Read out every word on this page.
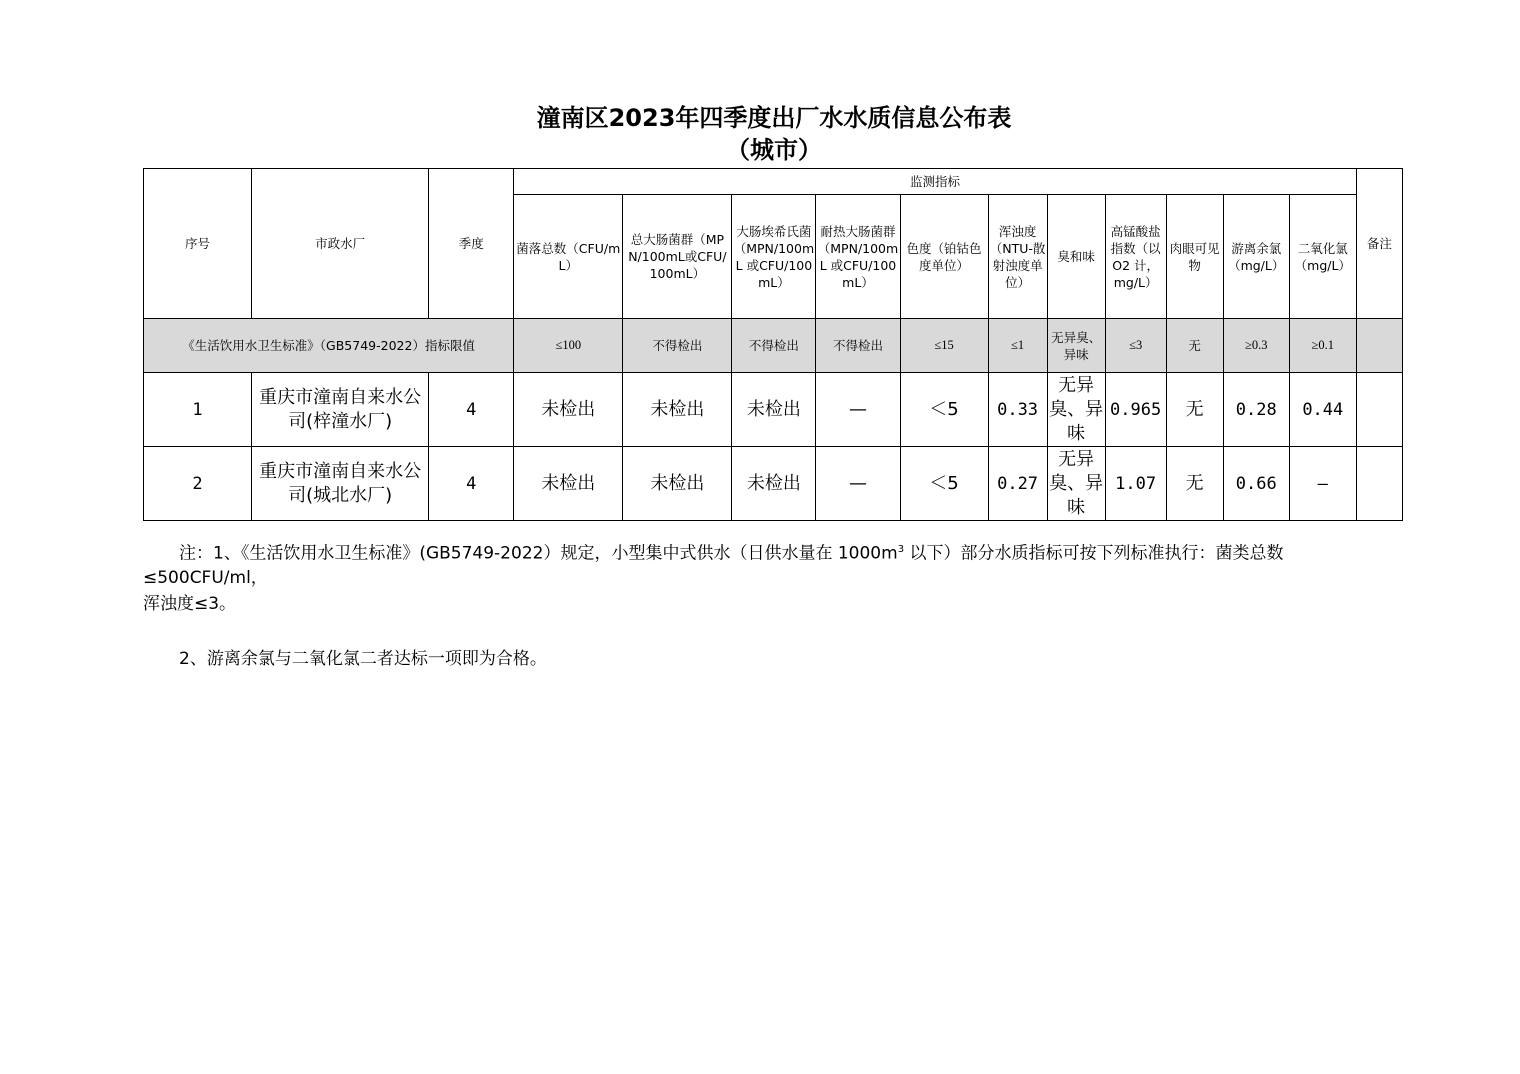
潼南区2023年四季度出厂水水质信息公布表
（城市）
序号	市政水厂	季度	监测指标											备注
			菌落总数（CFU/mL）	总大肠菌群（MPN/100mL或CFU/100mL）	大肠埃希氏菌（MPN/100mL 或CFU/100mL）	耐热大肠菌群（MPN/100mL 或CFU/100mL）	色度（铂钴色度单位）	浑浊度（NTU-散射浊度单位）	臭和味	高锰酸盐指数（以O2 计，mg/L）	肉眼可见物	游离余氯（mg/L）	二氧化氯（mg/L）	
《生活饮用水卫生标准》（GB5749-2022）指标限值			≤100	不得检出	不得检出	不得检出	≤15	≤1	无异臭、异味	≤3	无	≥0.3	≥0.1	
1	重庆市潼南自来水公司(梓潼水厂)	4	未检出	未检出	未检出	—	＜5	0.33	无异臭、异味	0.965	无	0.28	0.44	
2	重庆市潼南自来水公司(城北水厂)	4	未检出	未检出	未检出	—	＜5	0.27	无异臭、异味	1.07	无	0.66	—	
注：1、《生活饮用水卫生标准》(GB5749-2022）规定，小型集中式供水（日供水量在 $1000m^3$ 以下）部分水质指标可按下列标准执行：菌类总数≤500CFU/ml，
浑浊度≤3。
2、游离余氯与二氧化氯二者达标一项即为合格。
